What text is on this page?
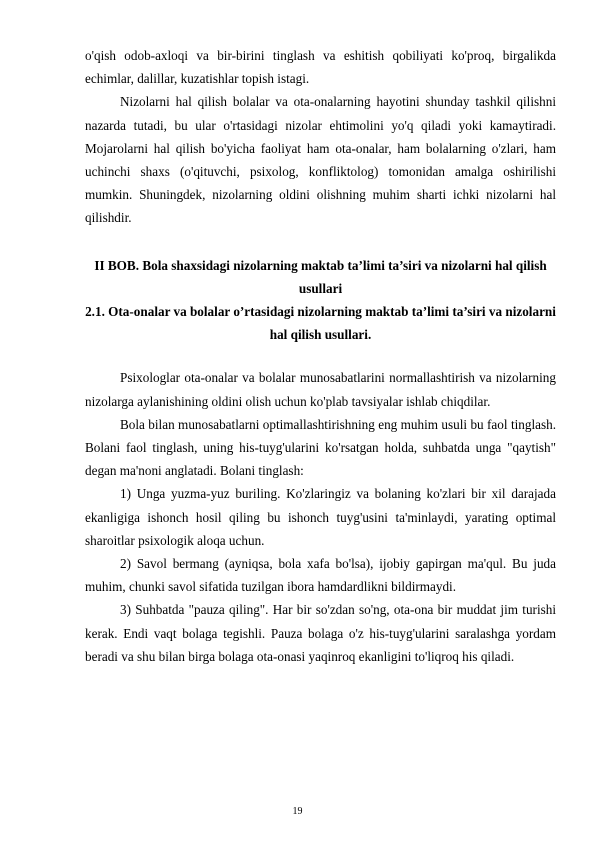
o'qish odob-axloqi va bir-birini tinglash va eshitish qobiliyati ko'proq, birgalikda echimlar, dalillar, kuzatishlar topish istagi.

Nizolarni hal qilish bolalar va ota-onalarning hayotini shunday tashkil qilishni nazarda tutadi, bu ular o'rtasidagi nizolar ehtimolini yo'q qiladi yoki kamaytiradi. Mojarolarni hal qilish bo'yicha faoliyat ham ota-onalar, ham bolalarning o'zlari, ham uchinchi shaxs (o'qituvchi, psixolog, konfliktolog) tomonidan amalga oshirilishi mumkin. Shuningdek, nizolarning oldini olishning muhim sharti ichki nizolarni hal qilishdir.

II BOB. Bola shaxsidagi nizolarning maktab ta’limi ta’siri va nizolarni hal qilish usullari

2.1. Ota-onalar va bolalar o’rtasidagi nizolarning maktab ta’limi ta’siri va nizolarni hal qilish usullari.

Psixologlar ota-onalar va bolalar munosabatlarini normallashtirish va nizolarning nizolarga aylanishining oldini olish uchun ko'plab tavsiyalar ishlab chiqdilar.

Bola bilan munosabatlarni optimallashtirishning eng muhim usuli bu faol tinglash. Bolani faol tinglash, uning his-tuyg'ularini ko'rsatgan holda, suhbatda unga "qaytish" degan ma'noni anglatadi. Bolani tinglash:

1) Unga yuzma-yuz buriling. Ko'zlaringiz va bolaning ko'zlari bir xil darajada ekanligiga ishonch hosil qiling bu ishonch tuyg'usini ta'minlaydi, yarating optimal sharoitlar psixologik aloqa uchun.

2) Savol bermang (ayniqsa, bola xafa bo'lsa), ijobiy gapirgan ma'qul. Bu juda muhim, chunki savol sifatida tuzilgan ibora hamdardlikni bildirmaydi.

3) Suhbatda "pauza qiling". Har bir so'zdan so'ng, ota-ona bir muddat jim turishi kerak. Endi vaqt bolaga tegishli. Pauza bolaga o'z his-tuyg'ularini saralashga yordam beradi va shu bilan birga bolaga ota-onasi yaqinroq ekanligini to'liqroq his qiladi.

19
